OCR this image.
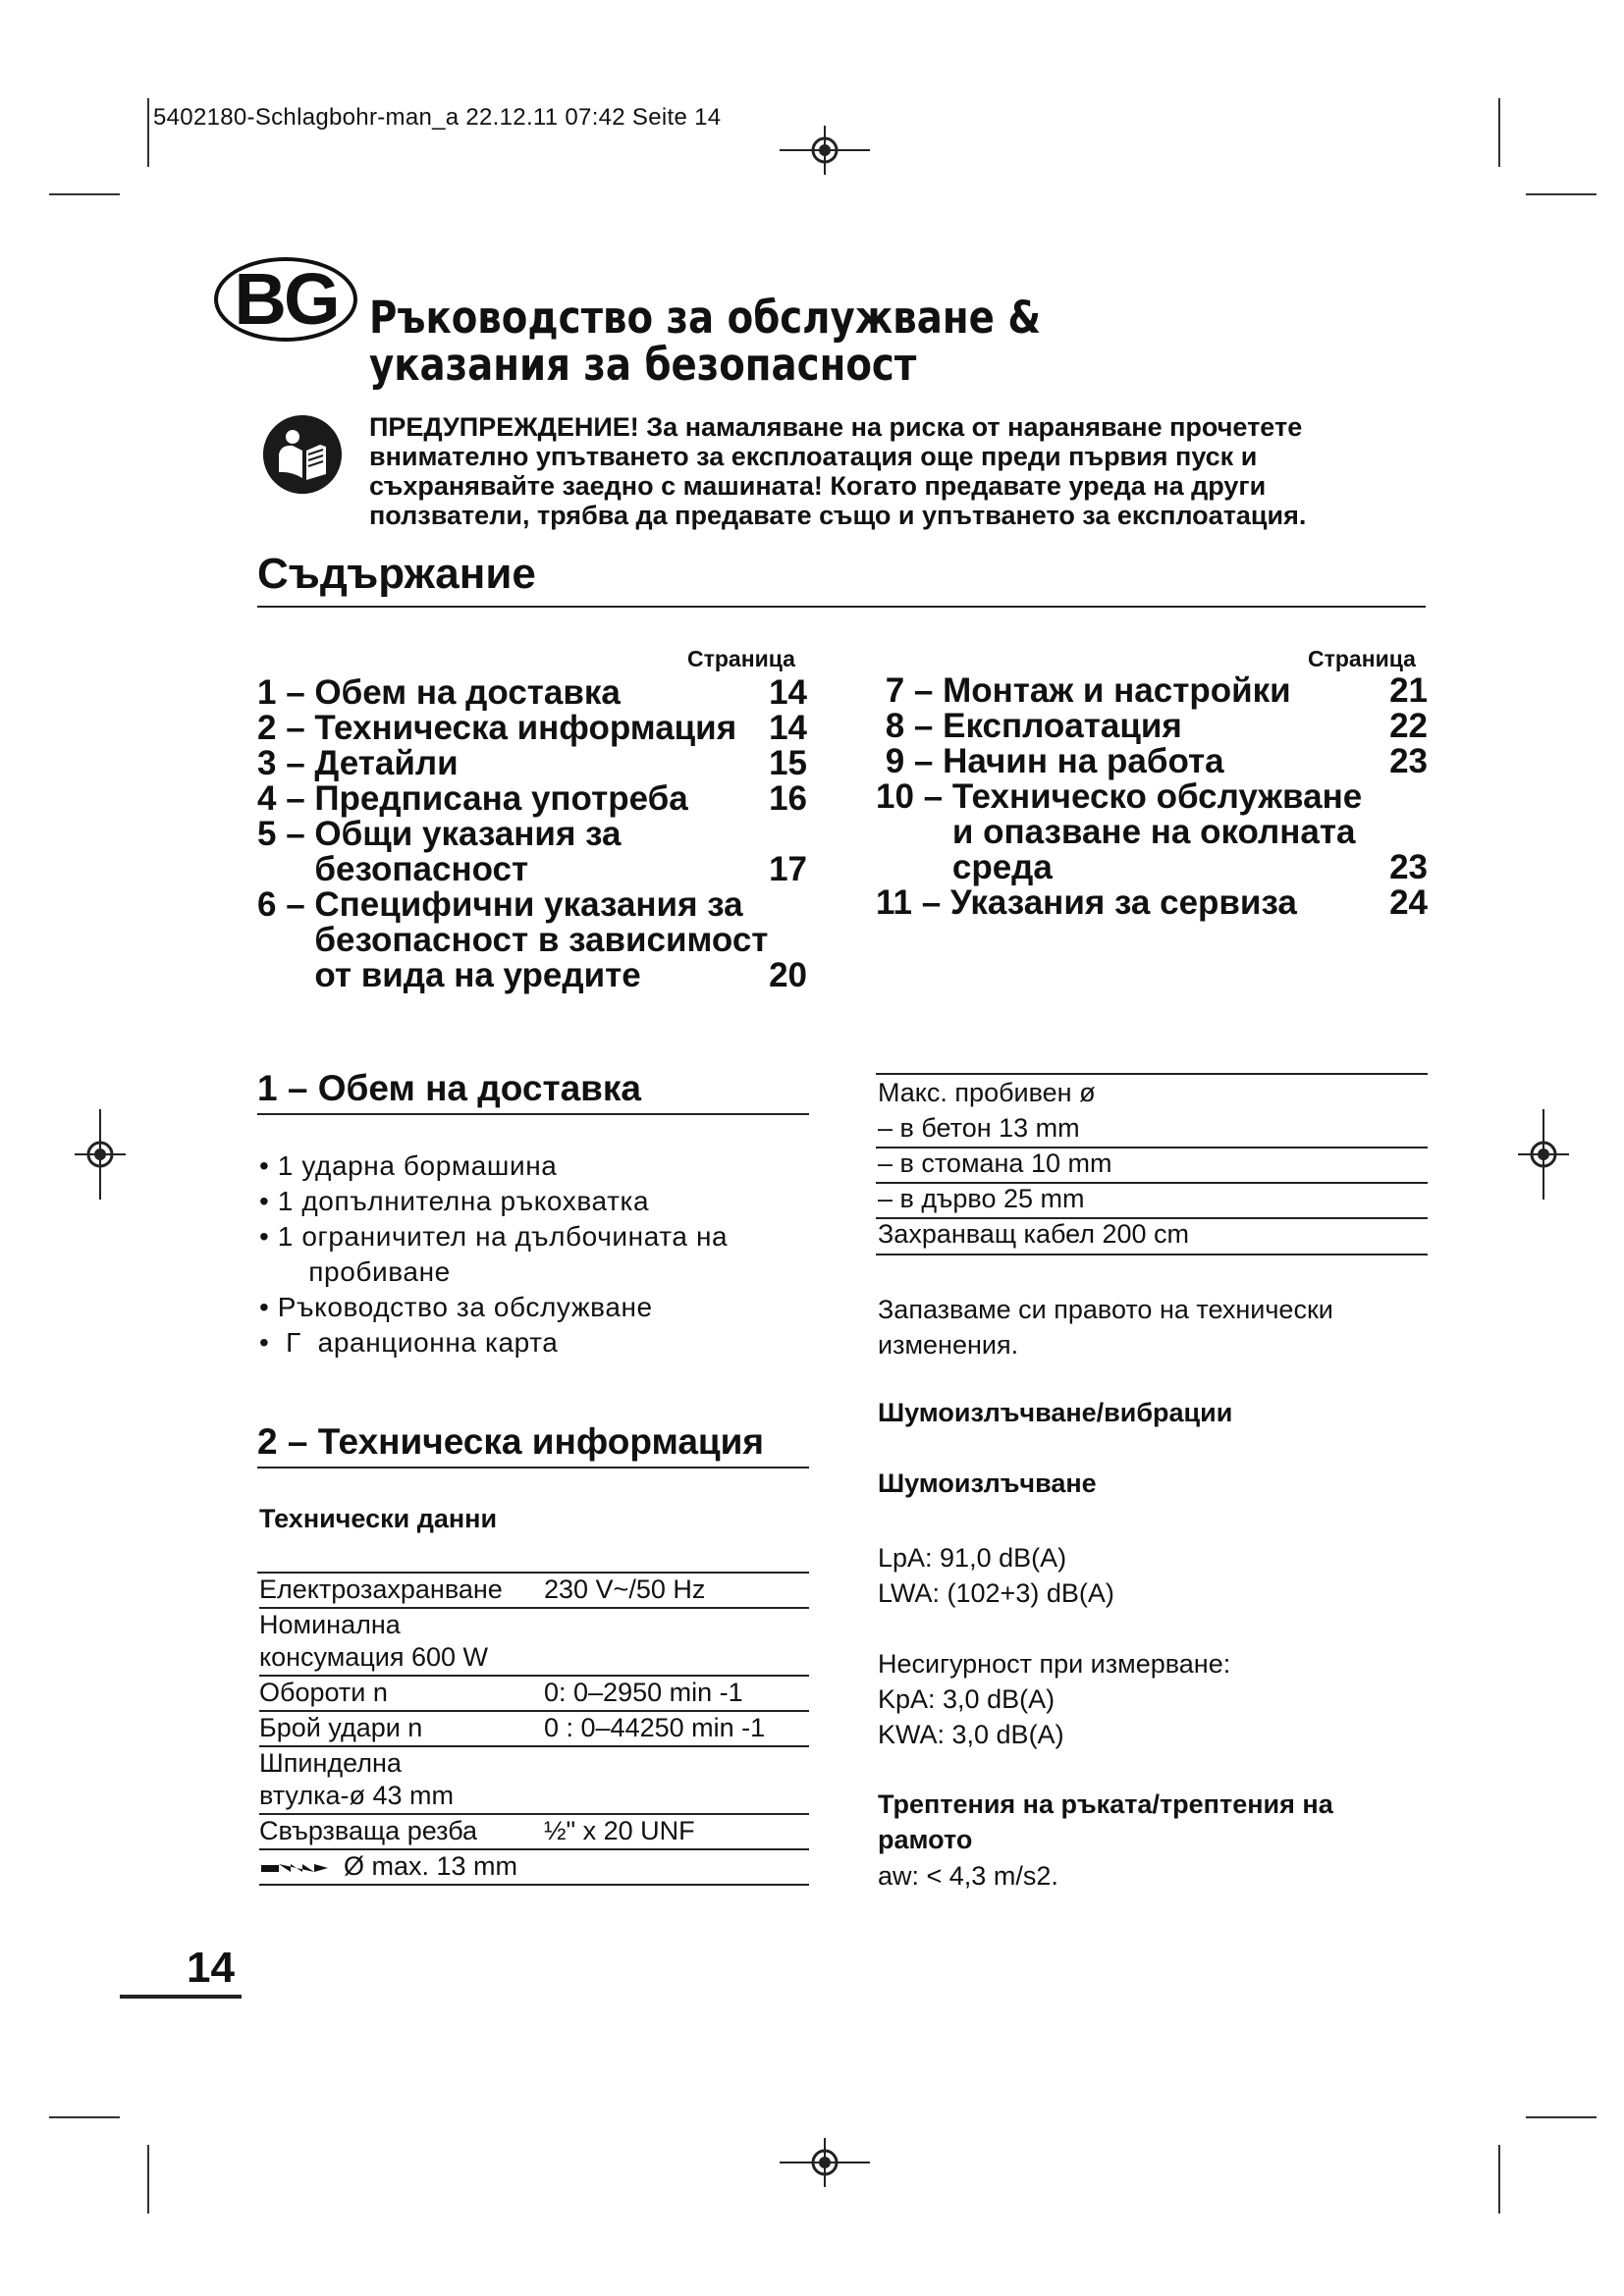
5402180-Schlagbohr-man_a 22.12.11 07:42 Seite 14
BG Ръководство за обслужване & указания за безопасност
ПРЕДУПРЕЖДЕНИЕ! За намаляване на риска от нараняване прочетете внимателно упътването за експлоатация още преди първия пуск и съхранявайте заедно с машината! Когато предавате уреда на други ползватели, трябва да предавате също и упътването за експлоатация.
Съдържание
Страница	Страница
1 – Обем на доставка	14
2 – Техническа информация 14
3 – Детайли	15
4 – Предписана употреба	16
5 – Общи указания за
безопасност	17
6 – Специфични указания за
безопасност в зависимост
от вида на уредите	20
7 – Монтаж и настройки	21
8 – Експлоатация	22
9 – Начин на работа	23
10 – Техническо обслужване
и опазване на околната
среда	23
11 – Указания за сервиза	24
1 – Обем на доставка
• 1 ударна бормашина
• 1 допълнителна ръкохватка
• 1 ограничител на дълбочината на
пробиване
• Ръководство за обслужване
•  Г  аранционна карта
2 – Техническа информация
Технически данни
Електрозахранване	230 V~/50 Hz
Номинална
консумация 600 W	
Обороти n	0: 0–2950 min -1
Брой удари n	0 : 0–44250 min -1
Шпинделна
втулка-ø 43 mm	
Свързваща резба	½" x 20 UNF
Ø max. 13 mm	
Макс. пробивен ø
– в бетон 13 mm
– в стомана 10 mm
– в дърво 25 mm
Захранващ кабел 200 cm
Запазваме си правото на технически изменения.
Шумоизлъчване/вибрации
Шумоизлъчване
LpA: 91,0 dB(A)
LWA: (102+3) dB(A)
Несигурност при измерване:
KpA: 3,0 dB(A)
KWA: 3,0 dB(A)
Трептения на ръката/трептения на рамото
aw: < 4,3 m/s2.
14
